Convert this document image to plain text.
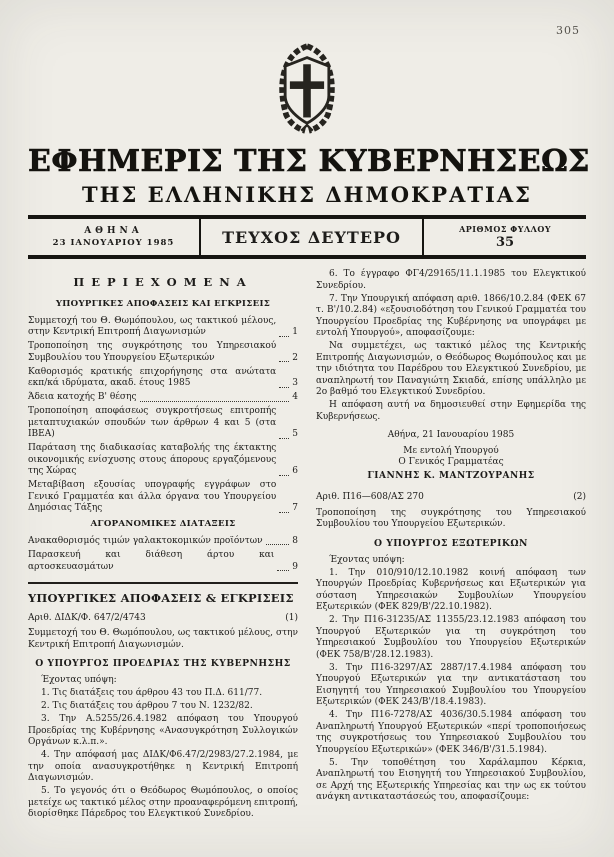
305
ΕΦΗΜΕΡΙΣ ΤΗΣ ΚΥΒΕΡΝΗΣΕΩΣ
ΤΗΣ ΕΛΛΗΝΙΚΗΣ ΔΗΜΟΚΡΑΤΙΑΣ
ΑΘΗΝΑ
23 ΙΑΝΟΥΑΡΙΟΥ 1985	ΤΕΥΧΟΣ ΔΕΥΤΕΡΟ	ΑΡΙΘΜΟΣ ΦΥΛΛΟΥ
35
ΠΕΡΙΕΧΟΜΕΝΑ
ΥΠΟΥΡΓΙΚΕΣ ΑΠΟΦΑΣΕΙΣ ΚΑΙ ΕΓΚΡΙΣΕΙΣ
Συμμετοχή του Θ. Θωμόπουλου, ως τακτικού μέλους, στην Κεντρική Επιτροπή Διαγωνισμών	1
Τροποποίηση της συγκρότησης του Υπηρεσιακού Συμβουλίου του Υπουργείου Εξωτερικών	2
Καθορισμός κρατικής επιχορήγησης στα ανώτατα εκπ/κά ιδρύματα, ακαδ. έτους 1985	3
Άδεια κατοχής Β' θέσης	4
Τροποποίηση αποφάσεως συγκροτήσεως επιτροπής μεταπτυχιακών σπουδών των άρθρων 4 και 5 (στα ΙΒΕΑ)	5
Παράταση της διαδικασίας καταβολής της έκτακτης οικονομικής ενίσχυσης στους άπορους εργαζόμενους της Χώρας	6
Μεταβίβαση εξουσίας υπογραφής εγγράφων στο Γενικό Γραμματέα και άλλα όργανα του Υπουργείου Δημόσιας Τάξης	7
ΑΓΟΡΑΝΟΜΙΚΕΣ ΔΙΑΤΑΞΕΙΣ
Ανακαθορισμός τιμών γαλακτοκομικών προϊόντων	8
Παρασκευή και διάθεση άρτου και αρτοσκευασμάτων	9
ΥΠΟΥΡΓΙΚΕΣ ΑΠΟΦΑΣΕΙΣ & ΕΓΚΡΙΣΕΙΣ
Αριθ. ΔΙΔΚ/Φ. 647/2/4743	(1)

Συμμετοχή του Θ. Θωμόπουλου, ως τακτικού μέλους, στην Κεντρική Επιτροπή Διαγωνισμών.

Ο ΥΠΟΥΡΓΟΣ ΠΡΟΕΔΡΙΑΣ ΤΗΣ ΚΥΒΕΡΝΗΣΗΣ

Έχοντας υπόψη:

1. Τις διατάξεις του άρθρου 43 του Π.Δ. 611/77.

2. Τις διατάξεις του άρθρου 7 του Ν. 1232/82.

3. Την Α.5255/26.4.1982 απόφαση του Υπουργού Προεδρίας της Κυβέρνησης «Ανασυγκρότηση Συλλογικών Οργάνων κ.λ.π.».

4. Την απόφασή μας ΔΙΔΚ/Φ6.47/2/2983/27.2.1984, με την οποία ανασυγκροτήθηκε η Κεντρική Επιτροπή Διαγωνισμών.

5. Το γεγονός ότι ο Θεόδωρος Θωμόπουλος, ο οποίος μετείχε ως τακτικό μέλος στην προαναφερόμενη επιτροπή, διορίσθηκε Πάρεδρος του Ελεγκτικού Συνεδρίου.

6. Το έγγραφο ΦΓ4/29165/11.1.1985 του Ελεγκτικού Συνεδρίου.

7. Την Υπουργική απόφαση αριθ. 1866/10.2.84 (ΦΕΚ 67 τ. Β'/10.2.84) «εξουσιοδότηση του Γενικού Γραμματέα του Υπουργείου Προεδρίας της Κυβέρνησης να υπογράφει με εντολή Υπουργού», αποφασίζουμε:

Να συμμετέχει, ως τακτικό μέλος της Κεντρικής Επιτροπής Διαγωνισμών, ο Θεόδωρος Θωμόπουλος και με την ιδιότητα του Παρέδρου του Ελεγκτικού Συνεδρίου, με αναπληρωτή τον Παναγιώτη Σκιαδά, επίσης υπάλληλο με 2ο βαθμό του Ελεγκτικού Συνεδρίου.

Η απόφαση αυτή να δημοσιευθεί στην Εφημερίδα της Κυβερνήσεως.

Αθήνα, 21 Ιανουαρίου 1985

Με εντολή Υπουργού
Ο Γενικός Γραμματέας
ΓΙΑΝΝΗΣ Κ. ΜΑΝΤΖΟΥΡΑΝΗΣ
Αριθ. Π16—608/ΑΣ 270	(2)

Τροποποίηση της συγκρότησης του Υπηρεσιακού Συμβουλίου του Υπουργείου Εξωτερικών.

Ο ΥΠΟΥΡΓΟΣ ΕΞΩΤΕΡΙΚΩΝ

Έχοντας υπόψη:

1. Την 010/910/12.10.1982 κοινή απόφαση των Υπουργών Προεδρίας Κυβερνήσεως και Εξωτερικών για σύσταση Υπηρεσιακών Συμβουλίων Υπουργείου Εξωτερικών (ΦΕΚ 829/Β'/22.10.1982).

2. Την Π16-31235/ΑΣ 11355/23.12.1983 απόφαση του Υπουργού Εξωτερικών για τη συγκρότηση του Υπηρεσιακού Συμβουλίου του Υπουργείου Εξωτερικών (ΦΕΚ 758/Β'/28.12.1983).

3. Την Π16-3297/ΑΣ 2887/17.4.1984 απόφαση του Υπουργού Εξωτερικών για την αντικατάσταση του Εισηγητή του Υπηρεσιακού Συμβουλίου του Υπουργείου Εξωτερικών (ΦΕΚ 243/Β'/18.4.1983).

4. Την Π16-7278/ΑΣ 4036/30.5.1984 απόφαση του Αναπληρωτή Υπουργού Εξωτερικών «περί τροποποιήσεως της συγκροτήσεως του Υπηρεσιακού Συμβουλίου του Υπουργείου Εξωτερικών» (ΦΕΚ 346/Β'/31.5.1984).

5. Την τοποθέτηση του Χαράλαμπου Κέρκια, Αναπληρωτή του Εισηγητή του Υπηρεσιακού Συμβουλίου, σε Αρχή της Εξωτερικής Υπηρεσίας και την ως εκ τούτου ανάγκη αντικαταστάσεώς του, αποφασίζουμε:
